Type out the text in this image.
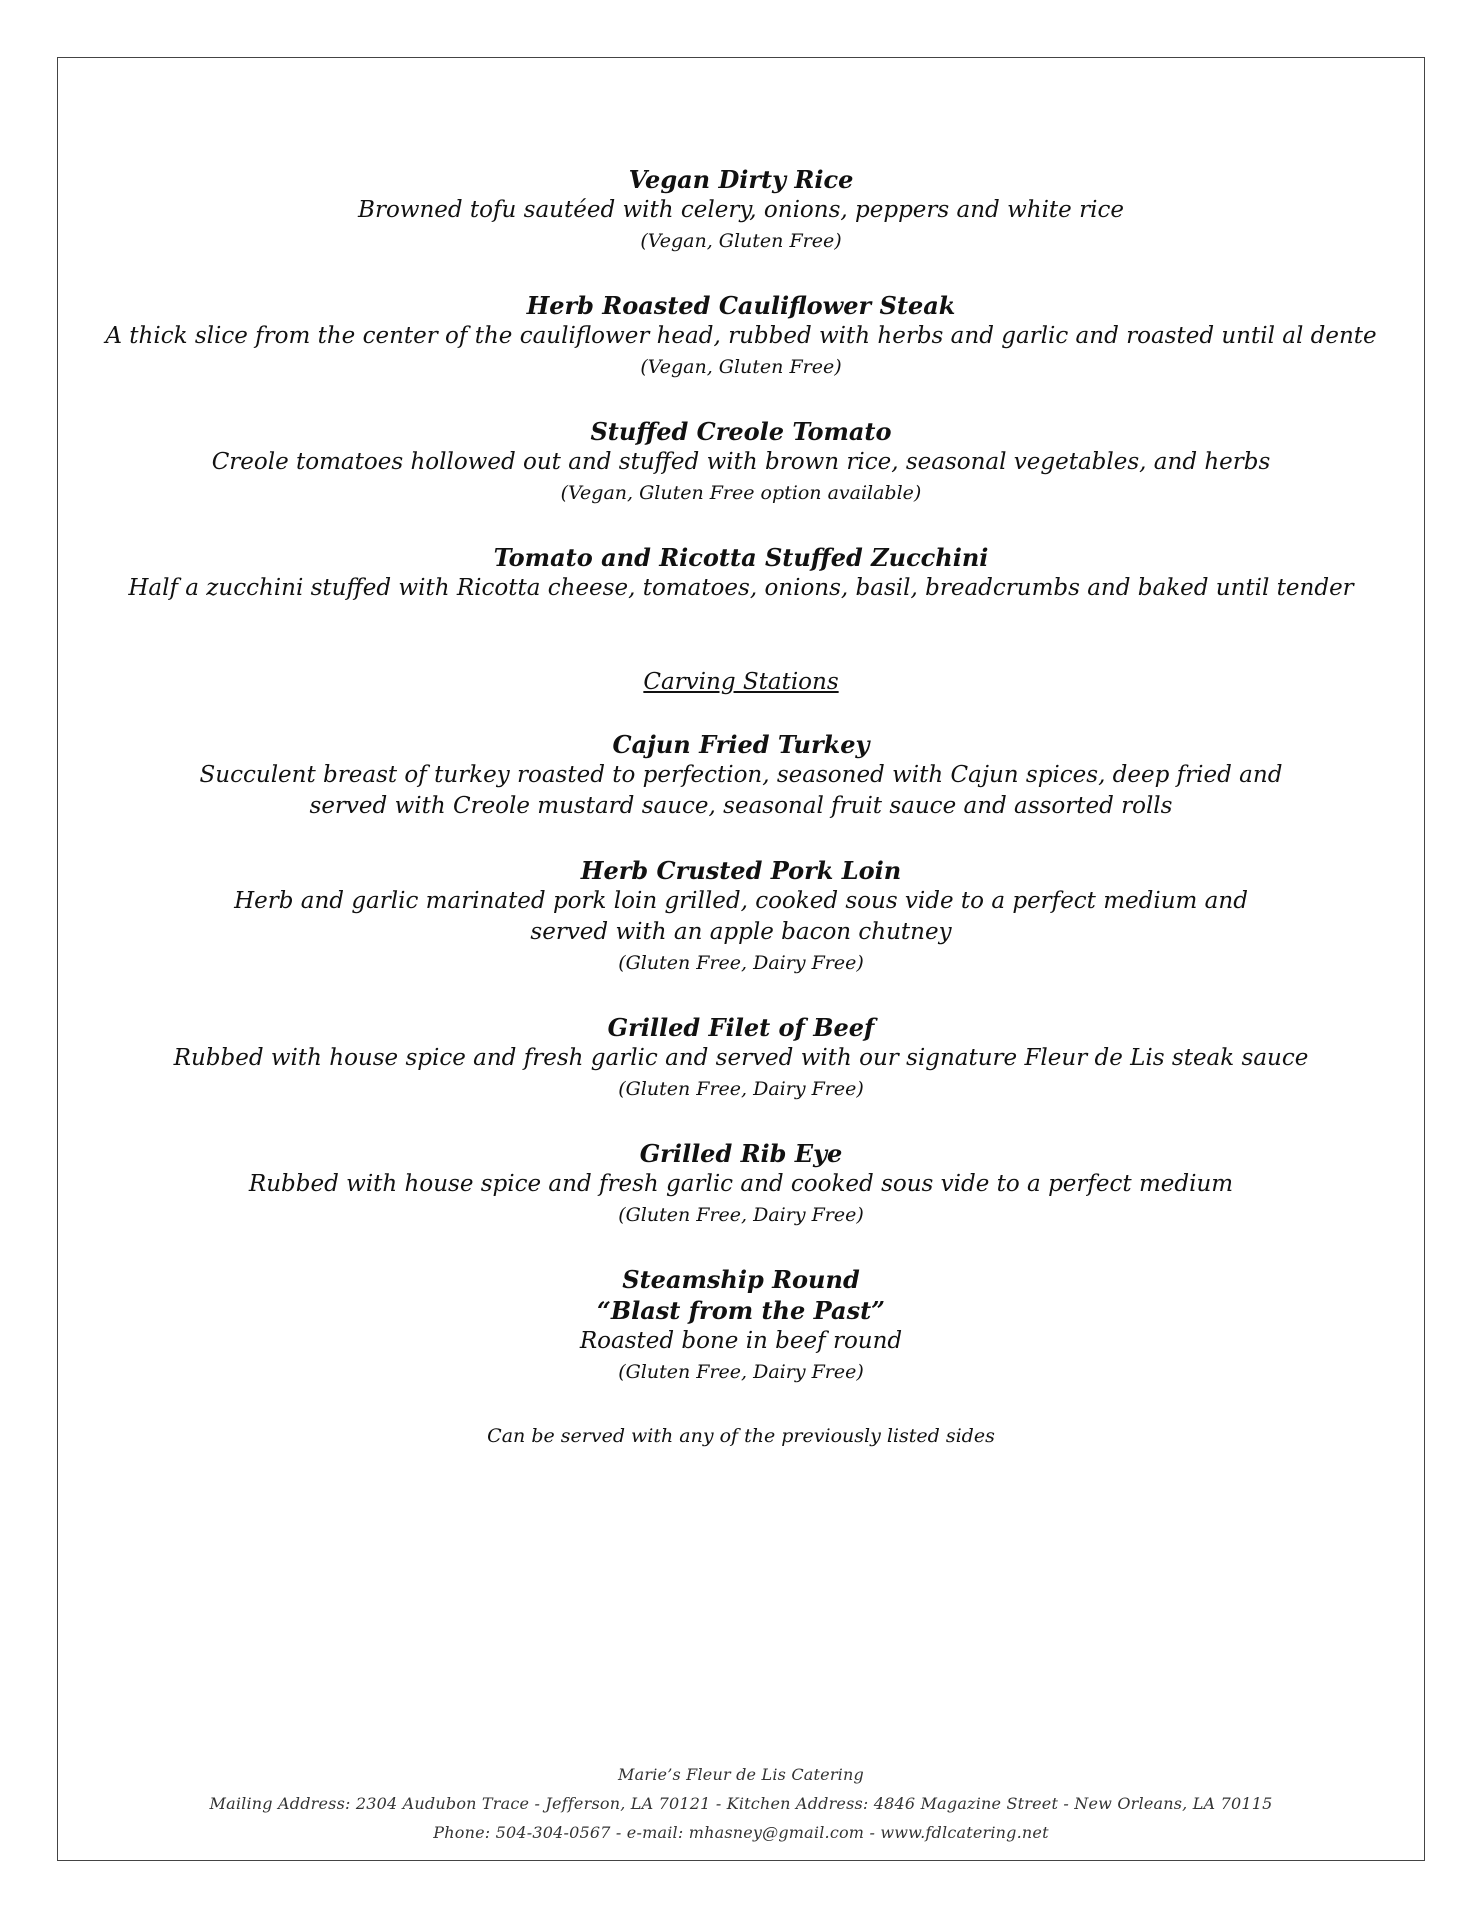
Vegan Dirty Rice
Browned tofu sautéed with celery, onions, peppers and white rice
(Vegan, Gluten Free)
Herb Roasted Cauliflower Steak
A thick slice from the center of the cauliflower head, rubbed with herbs and garlic and roasted until al dente
(Vegan, Gluten Free)
Stuffed Creole Tomato
Creole tomatoes hollowed out and stuffed with brown rice, seasonal vegetables, and herbs
(Vegan, Gluten Free option available)
Tomato and Ricotta Stuffed Zucchini
Half a zucchini stuffed with Ricotta cheese, tomatoes, onions, basil, breadcrumbs and baked until tender
Carving Stations
Cajun Fried Turkey
Succulent breast of turkey roasted to perfection, seasoned with Cajun spices, deep fried and
served with Creole mustard sauce, seasonal fruit sauce and assorted rolls
Herb Crusted Pork Loin
Herb and garlic marinated pork loin grilled, cooked sous vide to a perfect medium and
served with an apple bacon chutney
(Gluten Free, Dairy Free)
Grilled Filet of Beef
Rubbed with house spice and fresh garlic and served with our signature Fleur de Lis steak sauce
(Gluten Free, Dairy Free)
Grilled Rib Eye
Rubbed with house spice and fresh garlic and cooked sous vide to a perfect medium
(Gluten Free, Dairy Free)
Steamship Round
“Blast from the Past”
Roasted bone in beef round
(Gluten Free, Dairy Free)
Can be served with any of the previously listed sides
Marie’s Fleur de Lis Catering
Mailing Address: 2304 Audubon Trace - Jefferson, LA 70121 - Kitchen Address: 4846 Magazine Street - New Orleans, LA 70115
Phone: 504-304-0567 - e-mail: mhasney@gmail.com - www.fdlcatering.net
